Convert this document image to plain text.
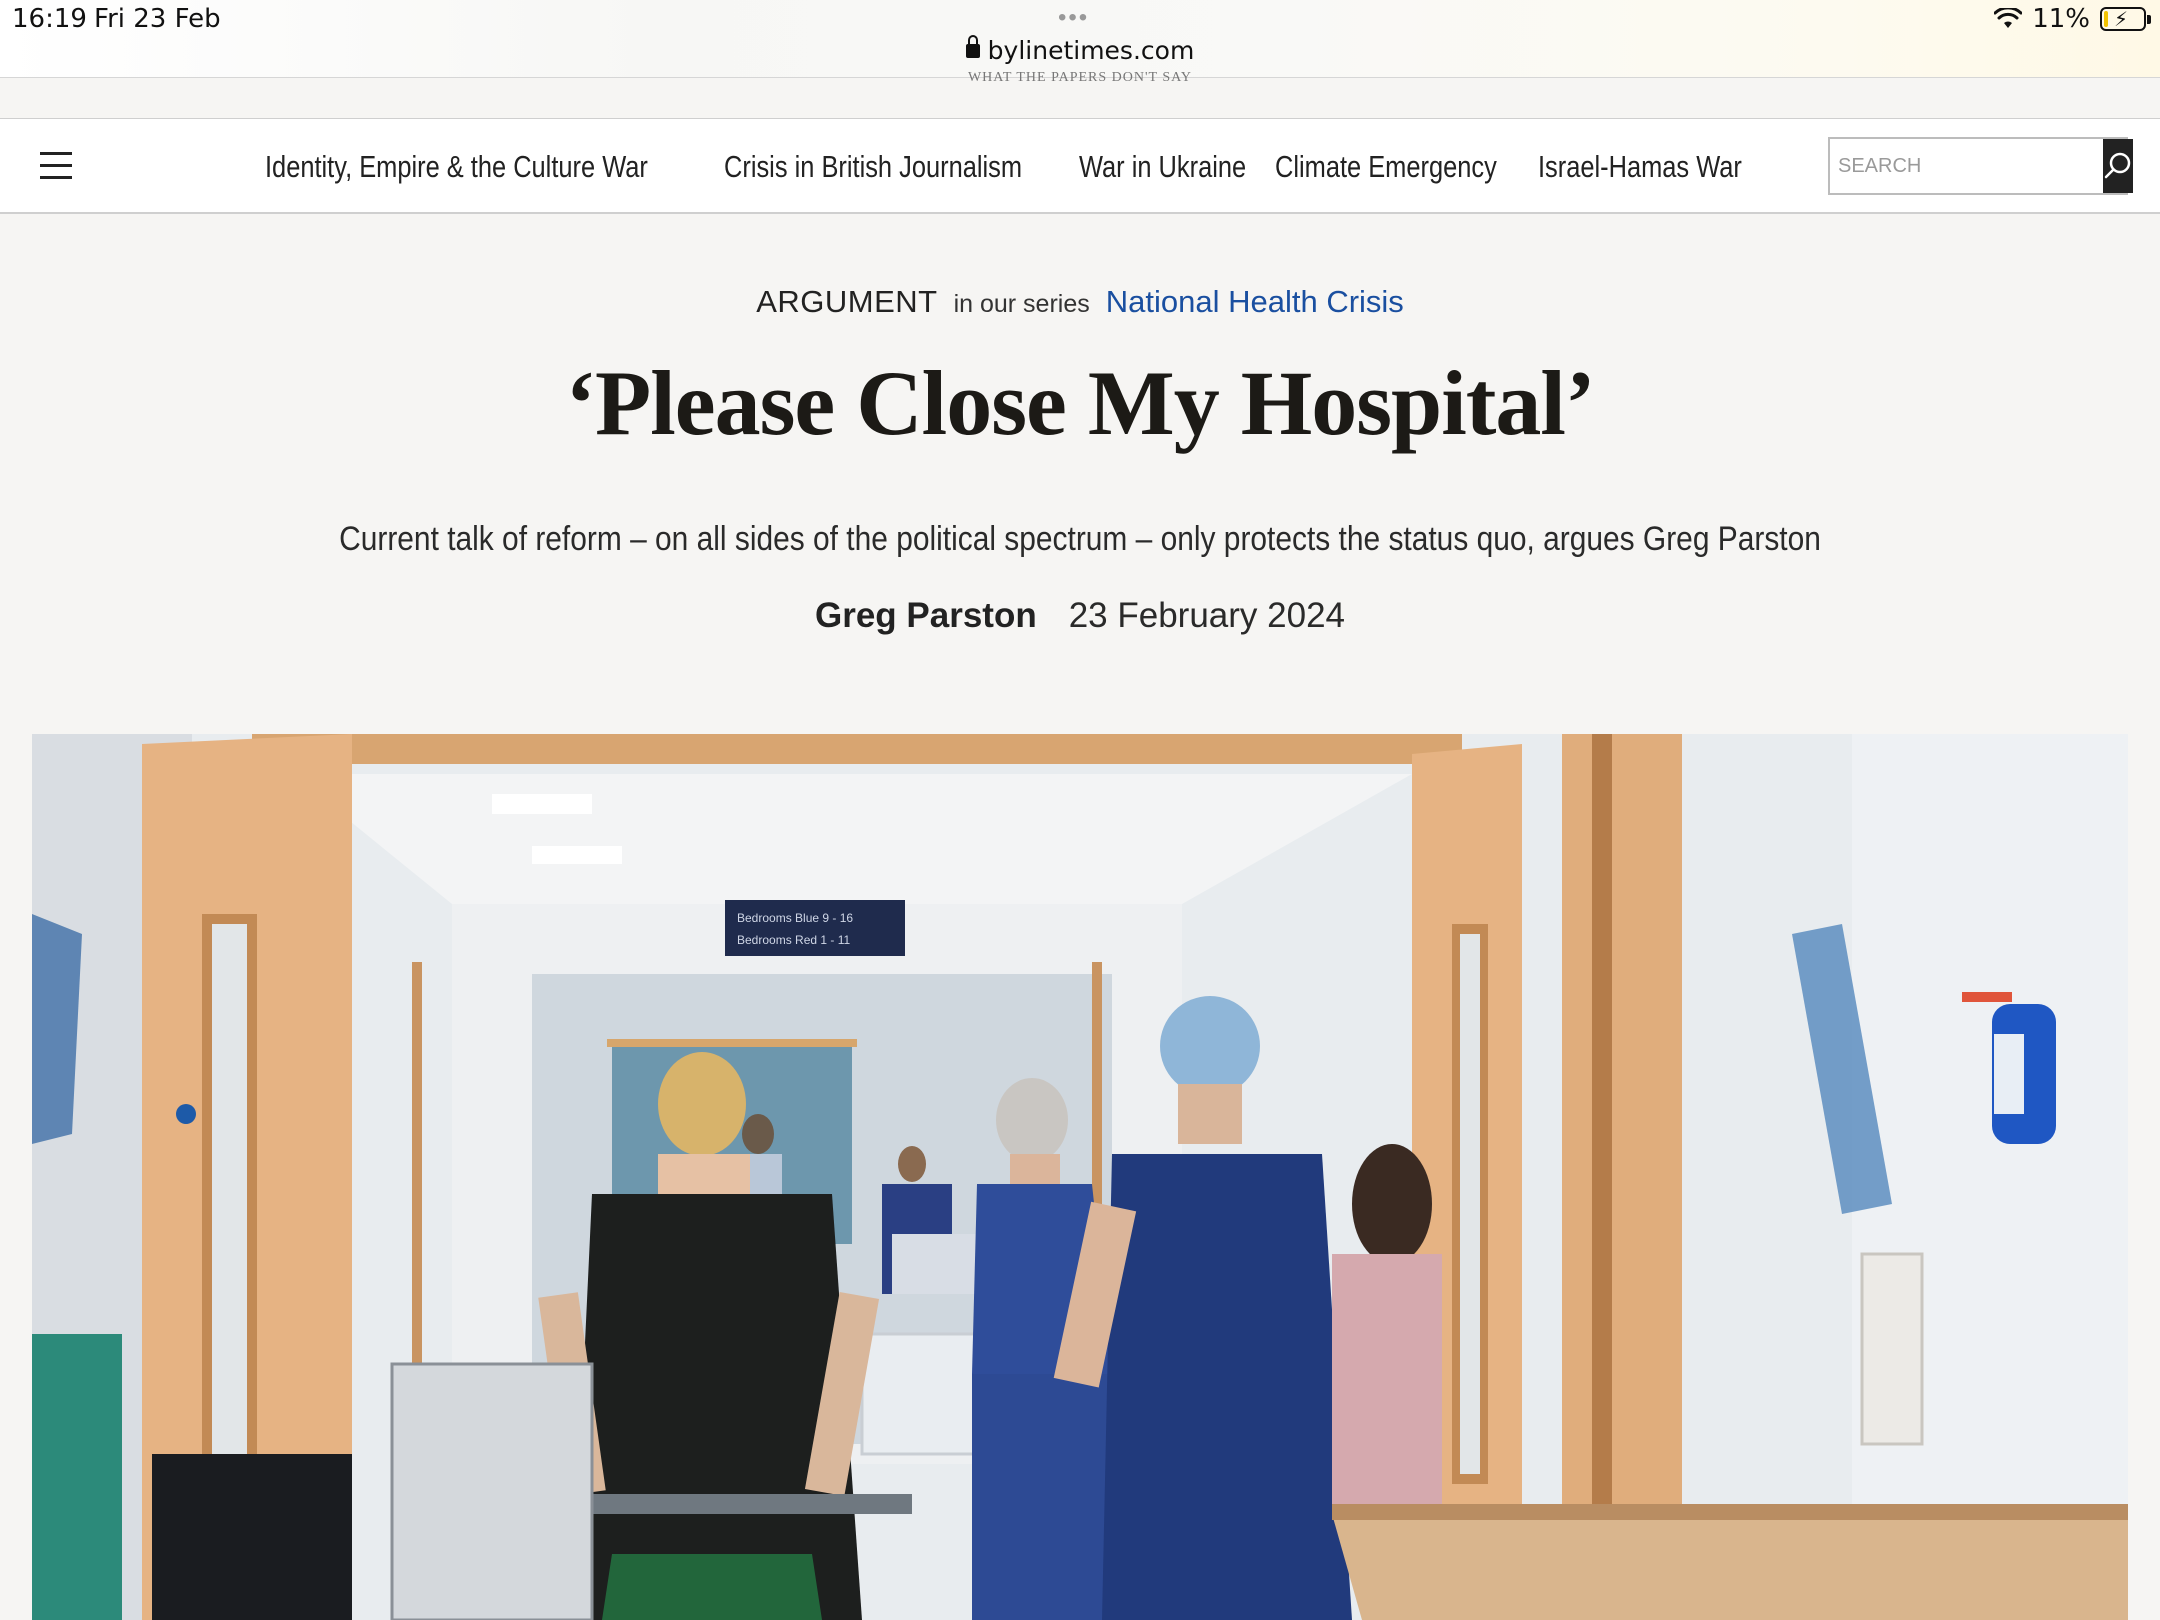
16:19 Fri 23 Feb	•••
bylinetimes.com
11% ⚡
WHAT THE PAPERS DON'T SAY
Identity, Empire & the Culture War Crisis in British Journalism War in Ukraine Climate Emergency Israel-Hamas War
SEARCH
ARGUMENT in our series National Health Crisis
‘Please Close My Hospital’

Current talk of reform – on all sides of the political spectrum – only protects the status quo, argues Greg Parston

Greg Parston 23 February 2024
Bedrooms Blue 9 - 16
Bedrooms Red 1 - 11
